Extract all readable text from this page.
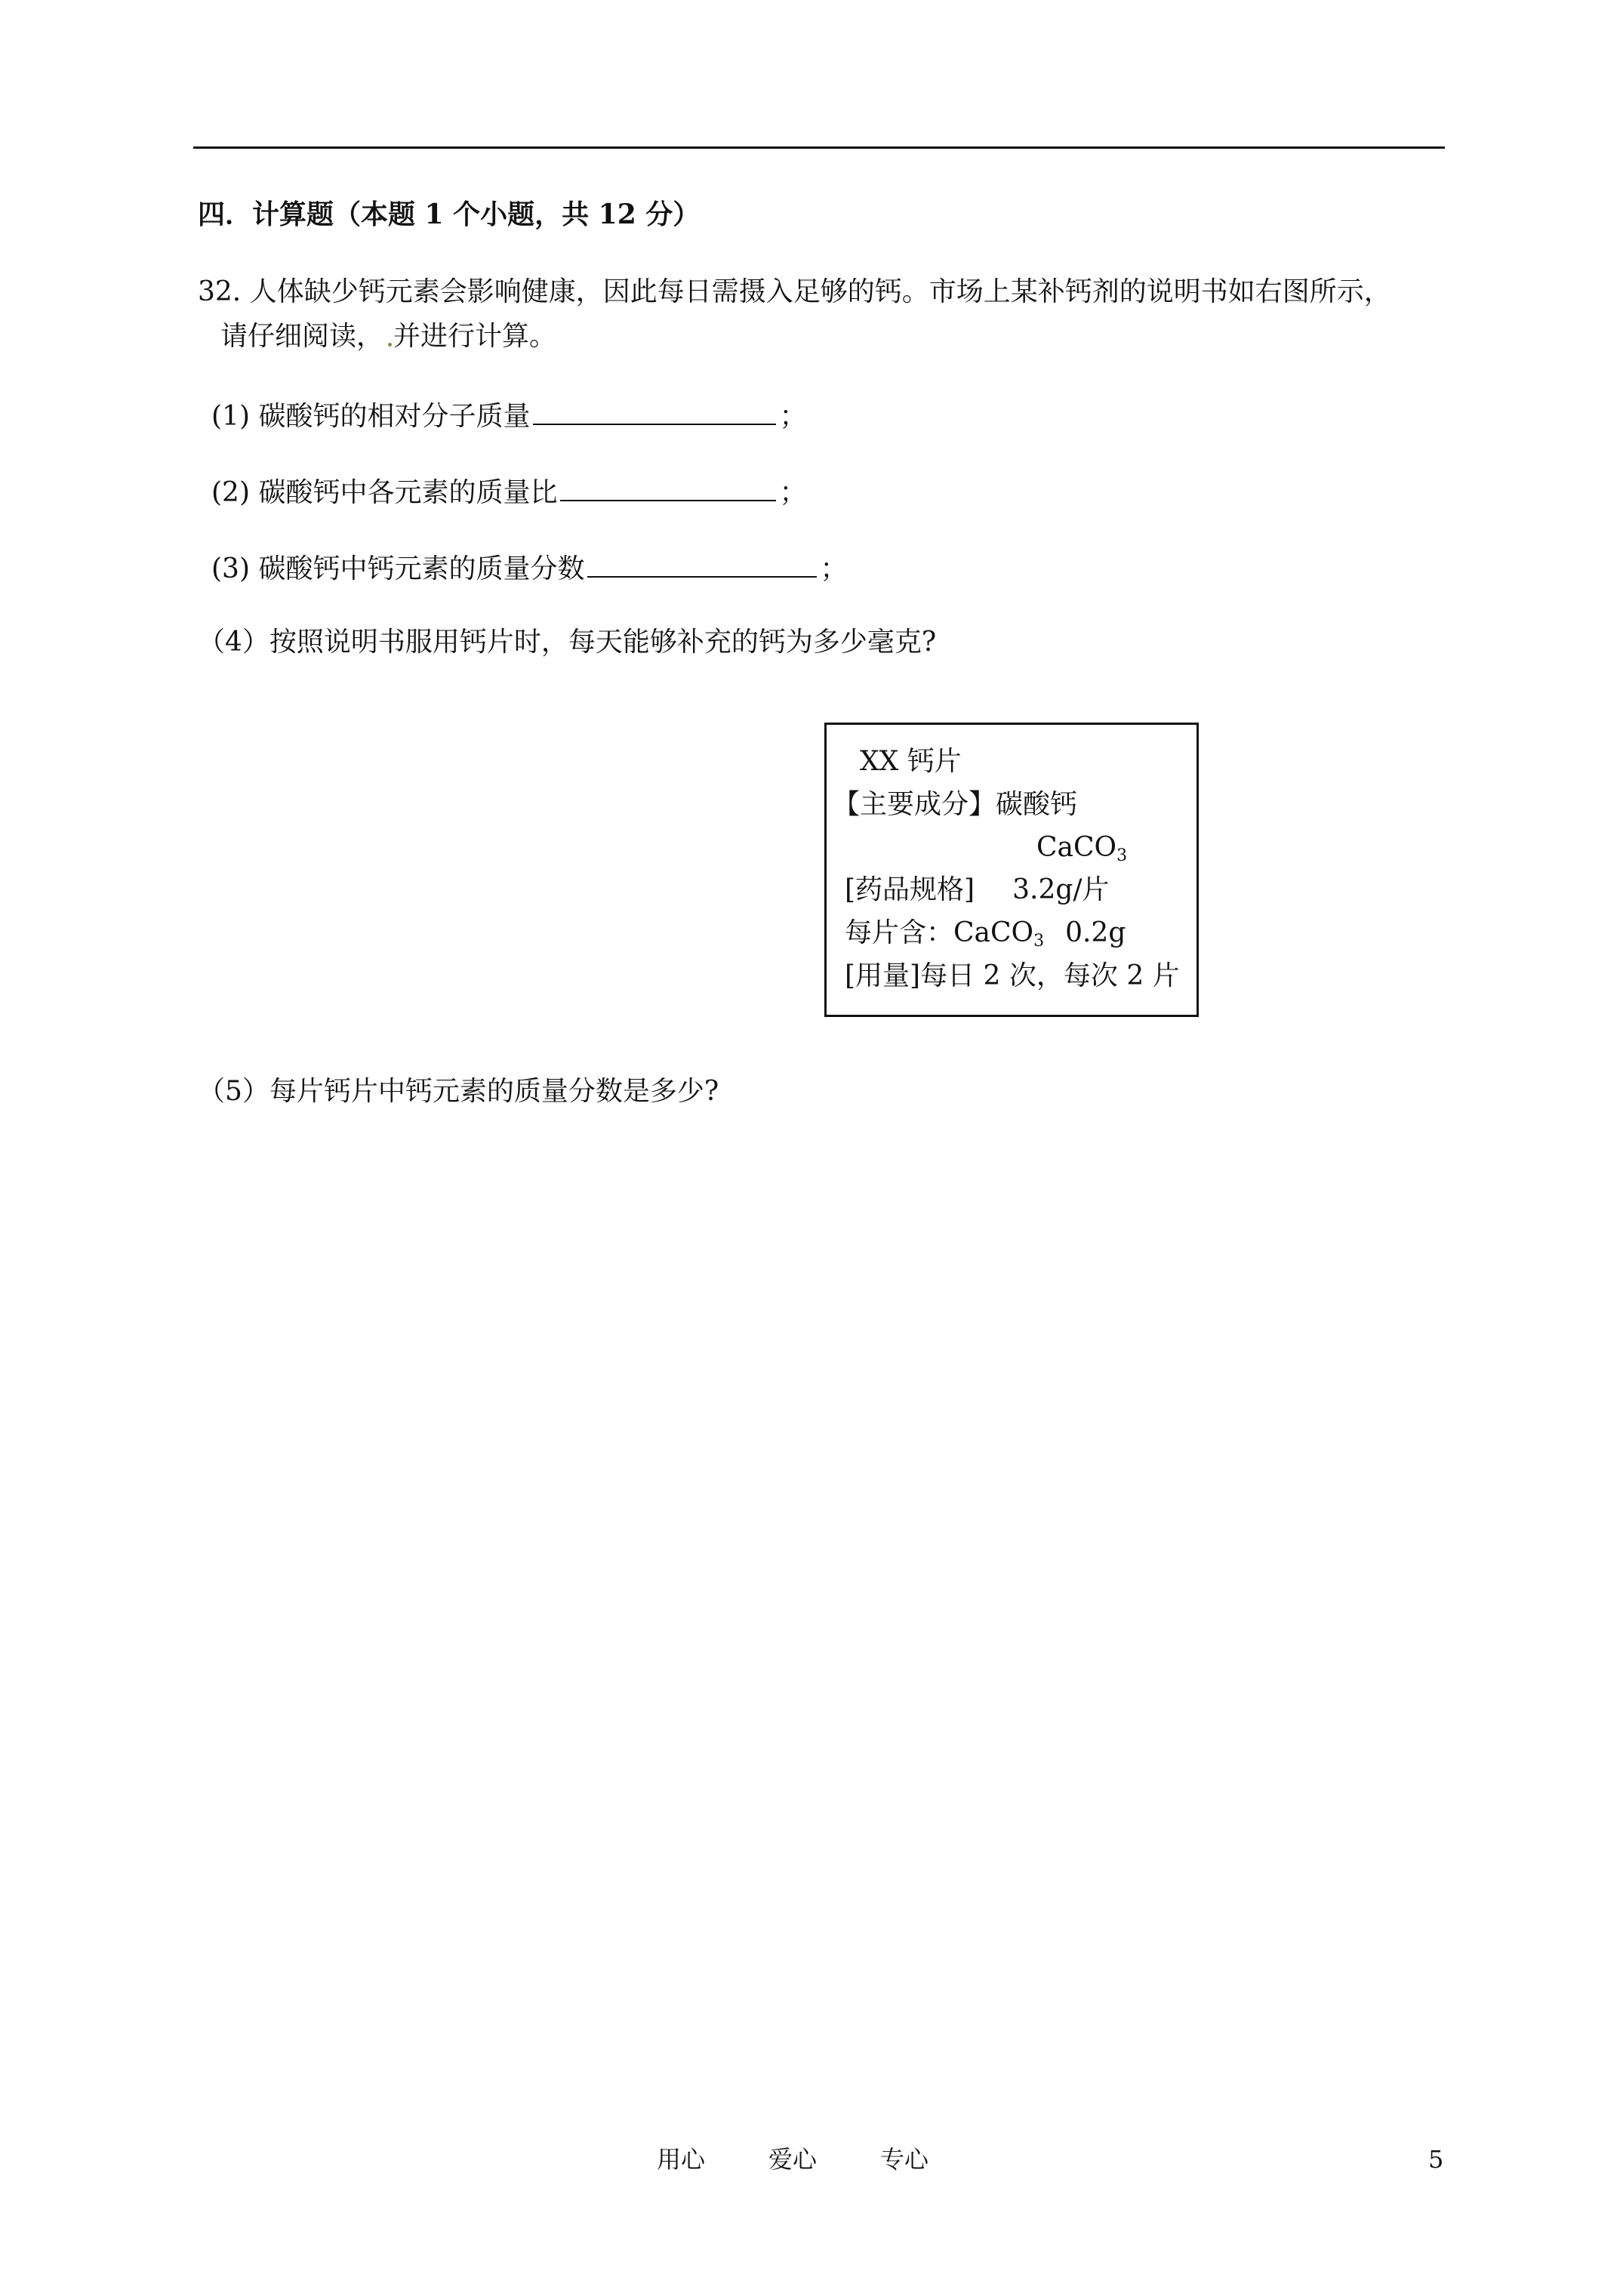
四．计算题（本题 1 个小题，共 12 分）
32. 人体缺少钙元素会影响健康，因此每日需摄入足够的钙。市场上某补钙剂的说明书如右图所示，
请仔细阅读， 并进行计算。
(1) 碳酸钙的相对分子质量	；
(2) 碳酸钙中各元素的质量比	；
(3) 碳酸钙中钙元素的质量分数	；
（4）按照说明书服用钙片时，每天能够补充的钙为多少毫克?
XX 钙片
【主要成分】碳酸钙
CaCO$_3$
[药品规格] 3.2g/片
每片含：CaCO$_3$ 0.2g
[用量]每日 2 次，每次 2 片
（5）每片钙片中钙元素的质量分数是多少?
用心	爱心	专心	5
